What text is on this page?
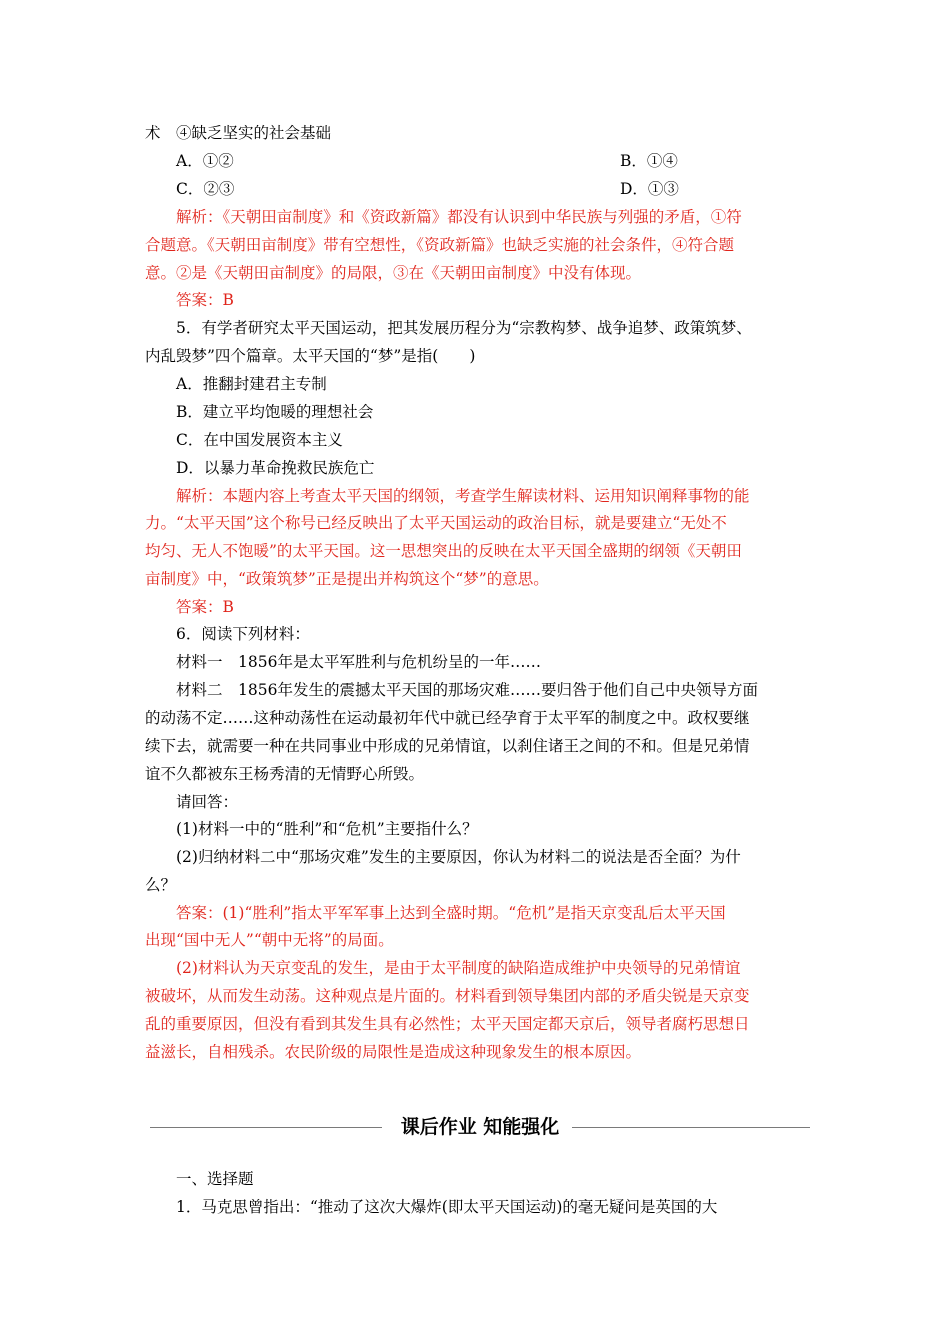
术　④缺乏坚实的社会基础
A．①②	B．①④
C．②③	D．①③
解析：《天朝田亩制度》和《资政新篇》都没有认识到中华民族与列强的矛盾，①符
合题意。《天朝田亩制度》带有空想性，《资政新篇》也缺乏实施的社会条件，④符合题
意。②是《天朝田亩制度》的局限，③在《天朝田亩制度》中没有体现。
答案：B
5．有学者研究太平天国运动，把其发展历程分为“宗教构梦、战争追梦、政策筑梦、
内乱毁梦”四个篇章。太平天国的“梦”是指(　　)
A．推翻封建君主专制
B．建立平均饱暖的理想社会
C．在中国发展资本主义
D．以暴力革命挽救民族危亡
解析：本题内容上考查太平天国的纲领，考查学生解读材料、运用知识阐释事物的能
力。“太平天国”这个称号已经反映出了太平天国运动的政治目标，就是要建立“无处不
均匀、无人不饱暖”的太平天国。这一思想突出的反映在太平天国全盛期的纲领《天朝田
亩制度》中，“政策筑梦”正是提出并构筑这个“梦”的意思。
答案：B
6．阅读下列材料：
材料一　1856年是太平军胜利与危机纷呈的一年……
材料二　1856年发生的震撼太平天国的那场灾难……要归咎于他们自己中央领导方面
的动荡不定……这种动荡性在运动最初年代中就已经孕育于太平军的制度之中。政权要继
续下去，就需要一种在共同事业中形成的兄弟情谊，以刹住诸王之间的不和。但是兄弟情
谊不久都被东王杨秀清的无情野心所毁。
请回答：
(1)材料一中的“胜利”和“危机”主要指什么？
(2)归纳材料二中“那场灾难”发生的主要原因，你认为材料二的说法是否全面？为什
么？
答案：(1)“胜利”指太平军军事上达到全盛时期。“危机”是指天京变乱后太平天国
出现“国中无人”“朝中无将”的局面。
(2)材料认为天京变乱的发生，是由于太平制度的缺陷造成维护中央领导的兄弟情谊
被破坏，从而发生动荡。这种观点是片面的。材料看到领导集团内部的矛盾尖锐是天京变
乱的重要原因，但没有看到其发生具有必然性；太平天国定都天京后，领导者腐朽思想日
益滋长，自相残杀。农民阶级的局限性是造成这种现象发生的根本原因。
课后作业 知能强化
一、选择题
1．马克思曾指出：“推动了这次大爆炸(即太平天国运动)的毫无疑问是英国的大
